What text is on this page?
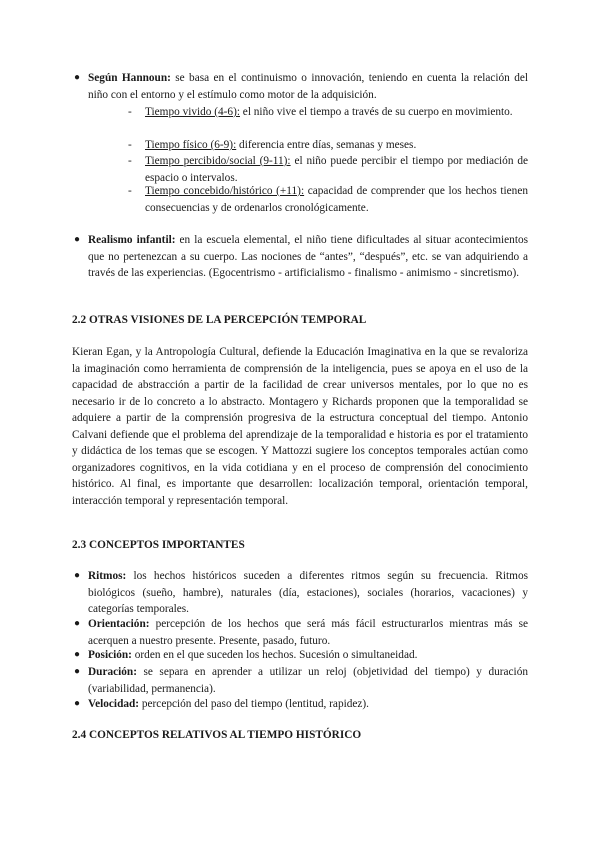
● Según Hannoun: se basa en el continuismo o innovación, teniendo en cuenta la relación del niño con el entorno y el estímulo como motor de la adquisición.
- Tiempo vivido (4-6): el niño vive el tiempo a través de su cuerpo en movimiento.
- Tiempo físico (6-9): diferencia entre días, semanas y meses.
- Tiempo percibido/social (9-11): el niño puede percibir el tiempo por mediación de espacio o intervalos.
- Tiempo concebido/histórico (+11): capacidad de comprender que los hechos tienen consecuencias y de ordenarlos cronológicamente.
● Realismo infantil: en la escuela elemental, el niño tiene dificultades al situar acontecimientos que no pertenezcan a su cuerpo. Las nociones de “antes”, “después”, etc. se van adquiriendo a través de las experiencias. (Egocentrismo - artificialismo - finalismo - animismo - sincretismo).
2.2 OTRAS VISIONES DE LA PERCEPCIÓN TEMPORAL
Kieran Egan, y la Antropología Cultural, defiende la Educación Imaginativa en la que se revaloriza la imaginación como herramienta de comprensión de la inteligencia, pues se apoya en el uso de la capacidad de abstracción a partir de la facilidad de crear universos mentales, por lo que no es necesario ir de lo concreto a lo abstracto. Montagero y Richards proponen que la temporalidad se adquiere a partir de la comprensión progresiva de la estructura conceptual del tiempo. Antonio Calvani defiende que el problema del aprendizaje de la temporalidad e historia es por el tratamiento y didáctica de los temas que se escogen. Y Mattozzi sugiere los conceptos temporales actúan como organizadores cognitivos, en la vida cotidiana y en el proceso de comprensión del conocimiento histórico. Al final, es importante que desarrollen: localización temporal, orientación temporal, interacción temporal y representación temporal.
2.3 CONCEPTOS IMPORTANTES
● Ritmos: los hechos históricos suceden a diferentes ritmos según su frecuencia. Ritmos biológicos (sueño, hambre), naturales (día, estaciones), sociales (horarios, vacaciones) y categorías temporales.
● Orientación: percepción de los hechos que será más fácil estructurarlos mientras más se acerquen a nuestro presente. Presente, pasado, futuro.
● Posición: orden en el que suceden los hechos. Sucesión o simultaneidad.
● Duración: se separa en aprender a utilizar un reloj (objetividad del tiempo) y duración (variabilidad, permanencia).
● Velocidad: percepción del paso del tiempo (lentitud, rapidez).
2.4 CONCEPTOS RELATIVOS AL TIEMPO HISTÓRICO
